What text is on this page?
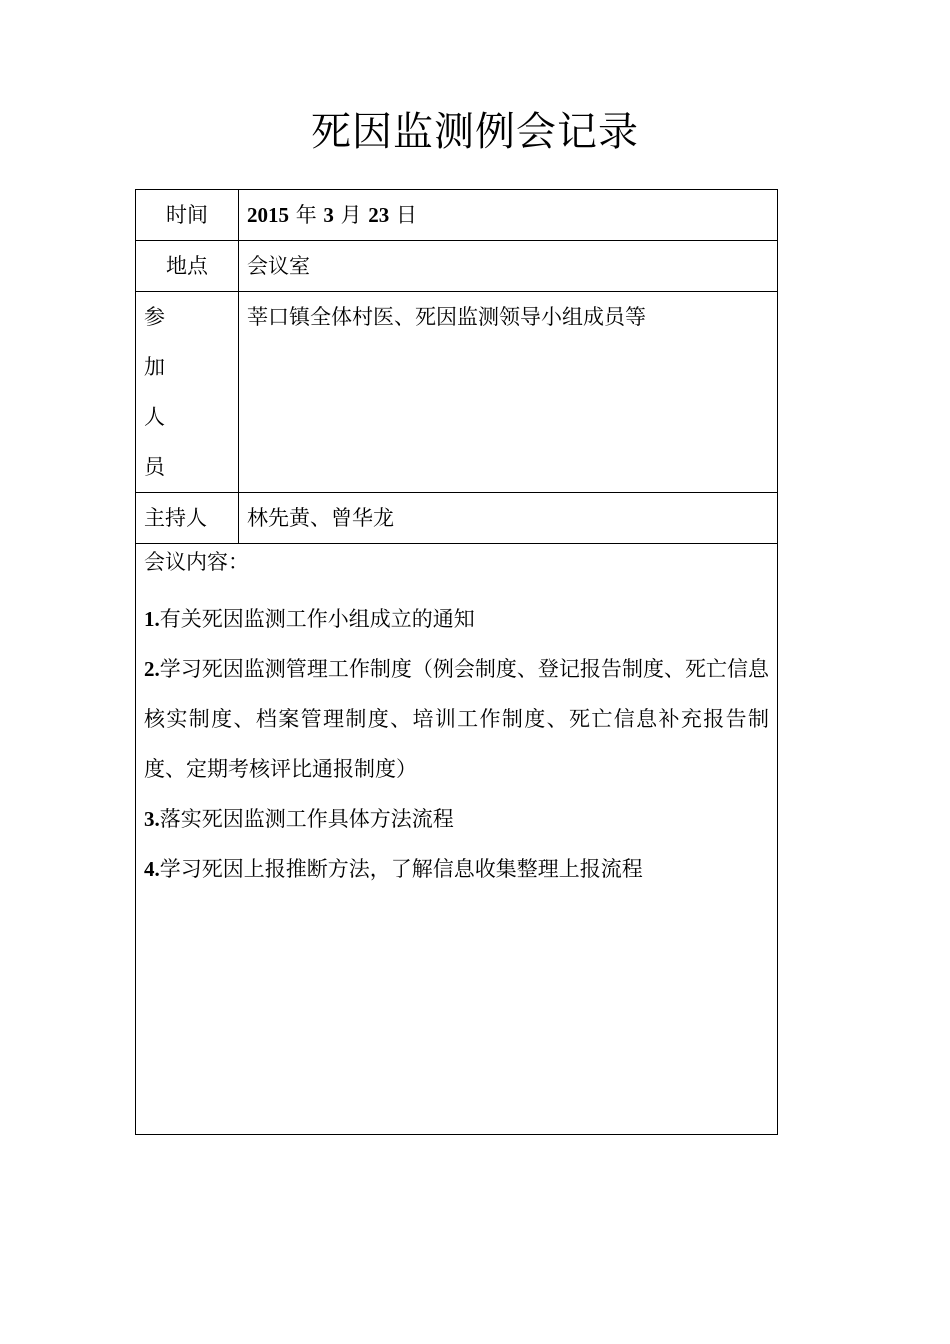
死因监测例会记录
时间	2015 年 3 月 23 日

地点	会议室

参 加 人
员	莘口镇全体村医、死因监测领导小组成员等

主持人	林先黄、曾华龙

会议内容：
1.有关死因监测工作小组成立的通知
2.学习死因监测管理工作制度（例会制度、登记报告制度、死亡信息核实制度、档案管理制度、培训工作制度、死亡信息补充报告制度、定期考核评比通报制度）
3.落实死因监测工作具体方法流程
4.学习死因上报推断方法，了解信息收集整理上报流程	
